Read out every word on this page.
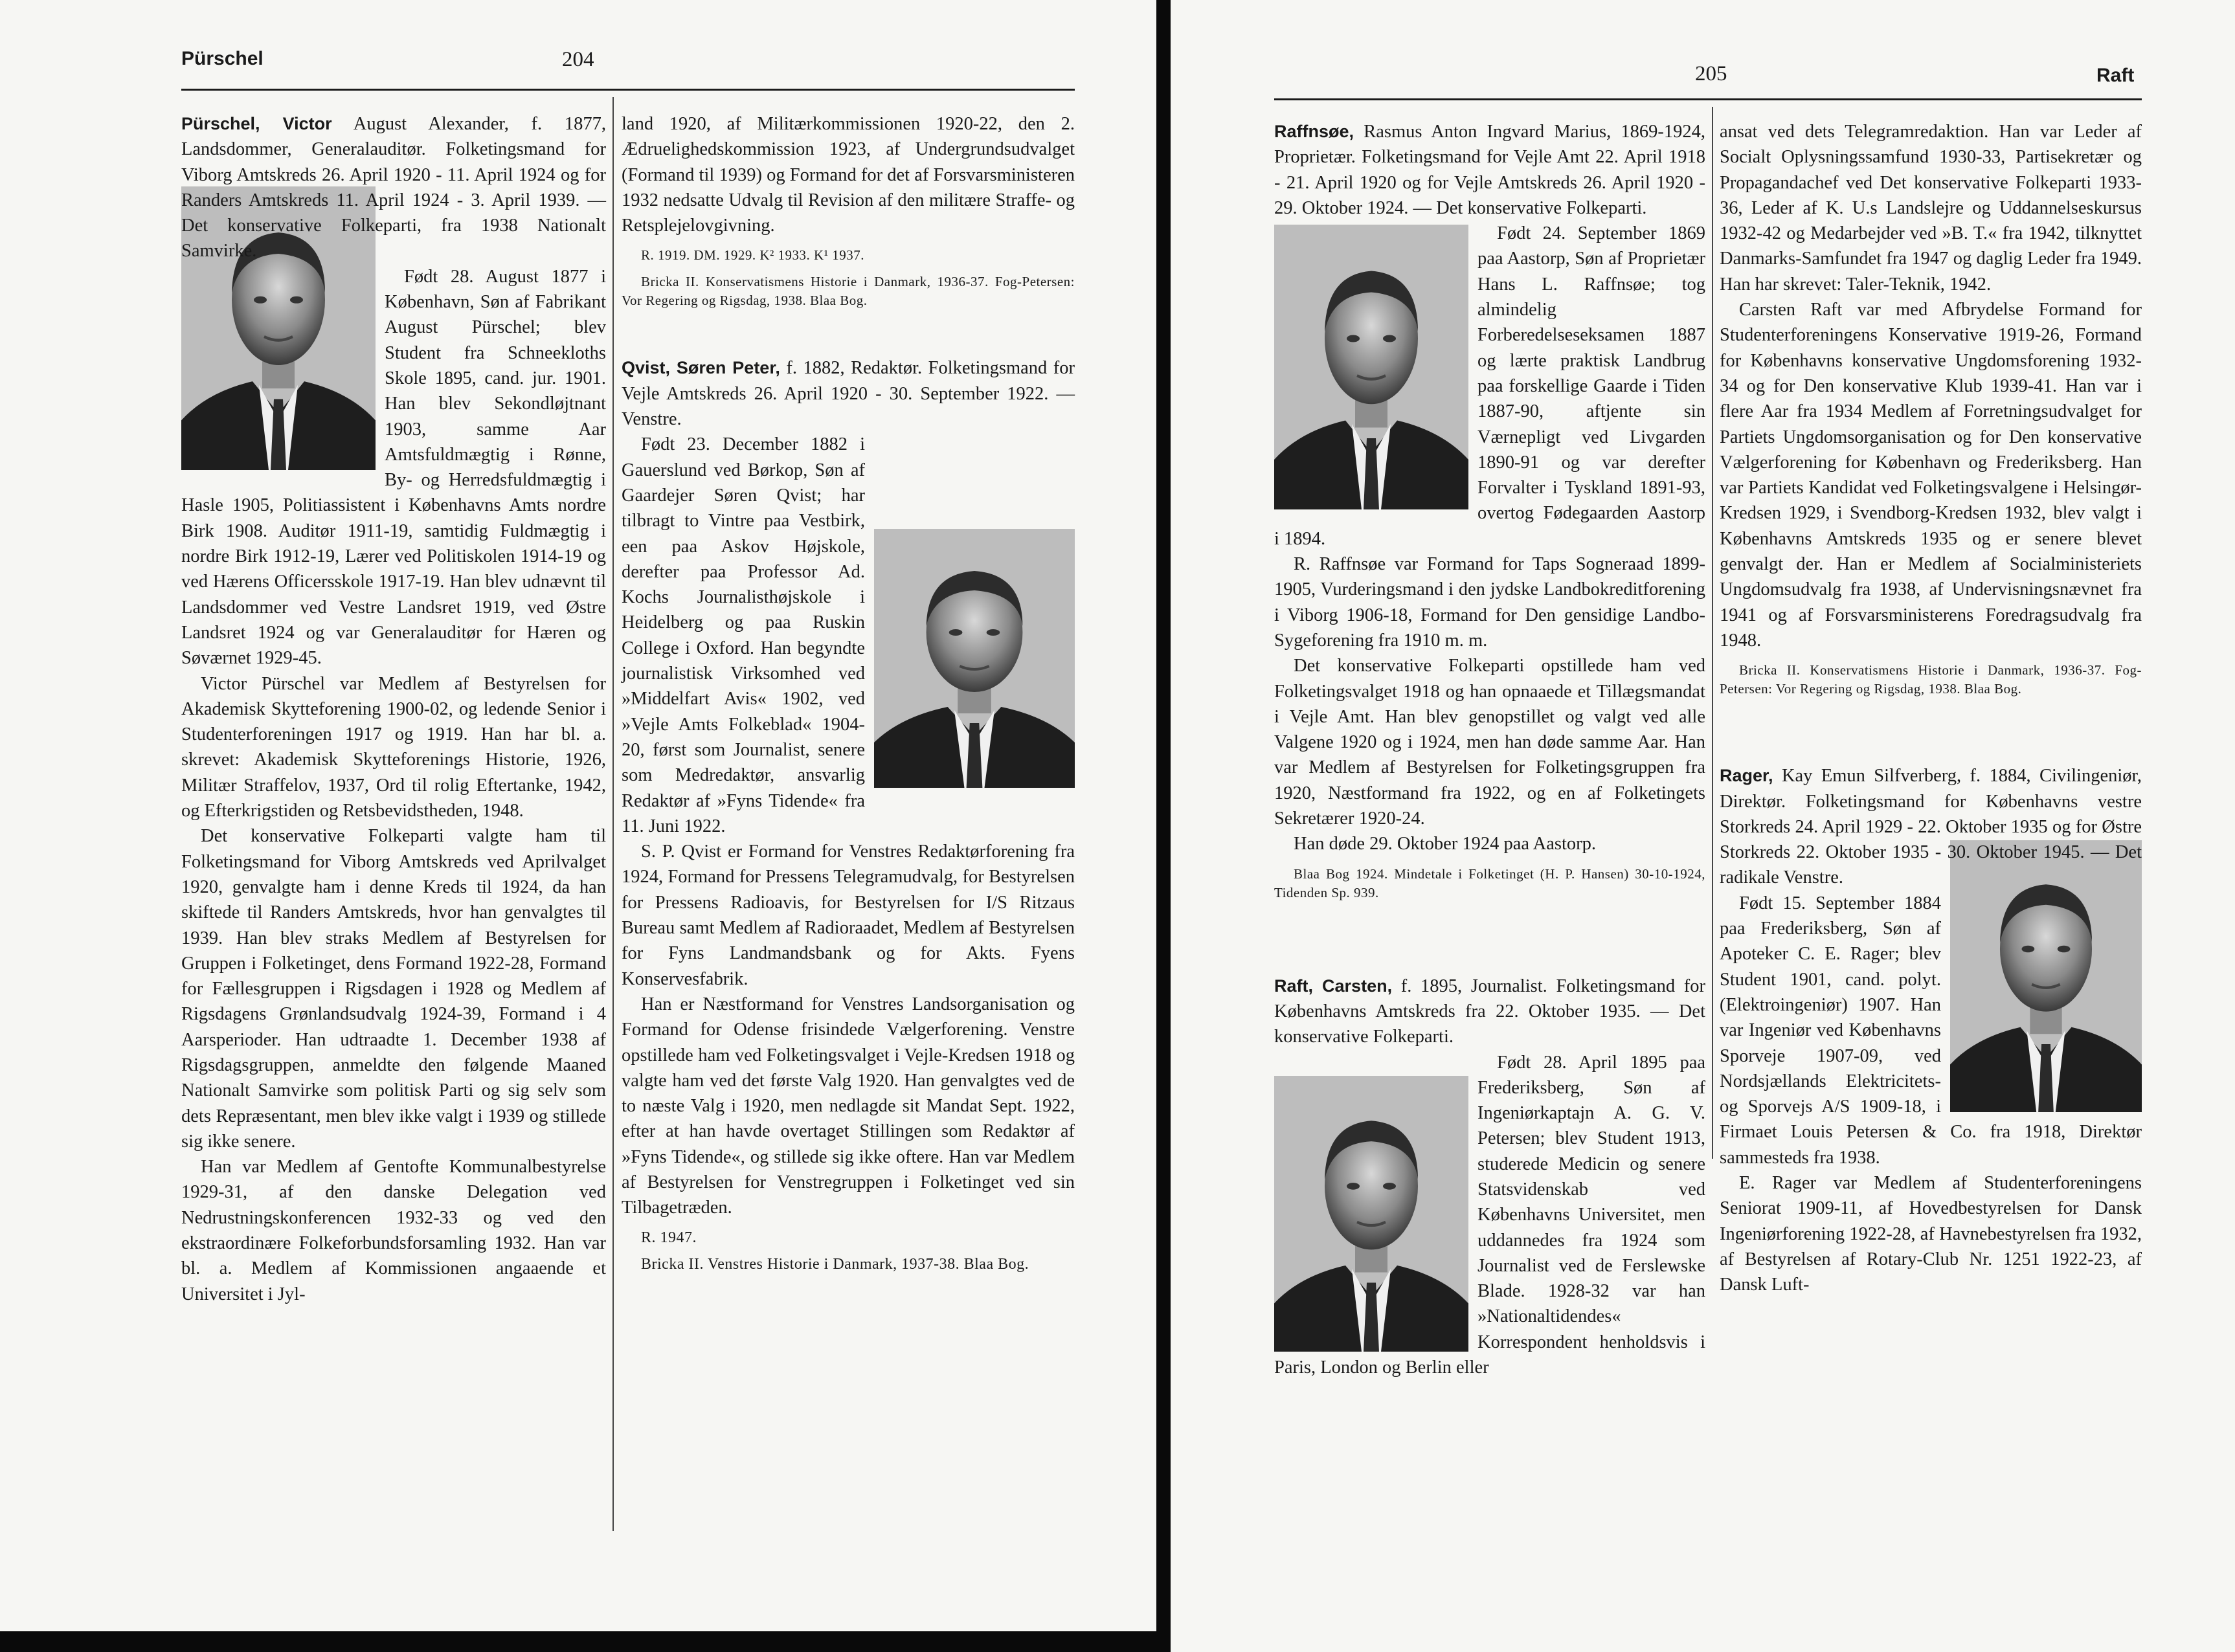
Pürschel	204

Pürschel, Victor August Alexander, f. 1877, Landsdommer, Generalauditør. Folketingsmand for Viborg Amtskreds 26. April 1920 - 11. April 1924 og for Randers Amtskreds 11. April 1924 - 3. April 1939. — Det konservative Folkeparti, fra 1938 Nationalt Samvirke.

Født 28. August 1877 i København, Søn af Fabrikant August Pürschel; blev Student fra Schneekloths Skole 1895, cand. jur. 1901. Han blev Sekondløjtnant 1903, samme Aar Amtsfuldmægtig i Rønne, By- og Herredsfuldmægtig i Hasle 1905, Politiassistent i Københavns Amts nordre Birk 1908. Auditør 1911-19, samtidig Fuldmægtig i nordre Birk 1912-19, Lærer ved Politiskolen 1914-19 og ved Hærens Officersskole 1917-19. Han blev udnævnt til Landsdommer ved Vestre Landsret 1919, ved Østre Landsret 1924 og var Generalauditør for Hæren og Søværnet 1929-45.

Victor Pürschel var Medlem af Bestyrelsen for Akademisk Skytteforening 1900-02, og ledende Senior i Studenterforeningen 1917 og 1919. Han har bl. a. skrevet: Akademisk Skytteforenings Historie, 1926, Militær Straffelov, 1937, Ord til rolig Eftertanke, 1942, og Efterkrigstiden og Retsbevidstheden, 1948.

Det konservative Folkeparti valgte ham til Folketingsmand for Viborg Amtskreds ved Aprilvalget 1920, genvalgte ham i denne Kreds til 1924, da han skiftede til Randers Amtskreds, hvor han genvalgtes til 1939. Han blev straks Medlem af Bestyrelsen for Gruppen i Folketinget, dens Formand 1922-28, Formand for Fællesgruppen i Rigsdagen i 1928 og Medlem af Rigsdagens Grønlandsudvalg 1924-39, Formand i 4 Aarsperioder. Han udtraadte 1. December 1938 af Rigsdagsgruppen, anmeldte den følgende Maaned Nationalt Samvirke som politisk Parti og sig selv som dets Repræsentant, men blev ikke valgt i 1939 og stillede sig ikke senere.

Han var Medlem af Gentofte Kommunalbestyrelse 1929-31, af den danske Delegation ved Nedrustningskonferencen 1932-33 og ved den ekstraordinære Folkeforbundsforsamling 1932. Han var bl. a. Medlem af Kommissionen angaaende et Universitet i Jyl-

land 1920, af Militærkommissionen 1920-22, den 2. Ædruelighedskommission 1923, af Undergrundsudvalget (Formand til 1939) og Formand for det af Forsvarsministeren 1932 nedsatte Udvalg til Revision af den militære Straffe- og Retsplejelovgivning.

R. 1919. DM. 1929. K² 1933. K¹ 1937.

Bricka II. Konservatismens Historie i Danmark, 1936-37. Fog-Petersen: Vor Regering og Rigsdag, 1938. Blaa Bog.

Qvist, Søren Peter, f. 1882, Redaktør. Folketingsmand for Vejle Amtskreds 26. April 1920 - 30. September 1922. — Venstre.

Født 23. December 1882 i Gauerslund ved Børkop, Søn af Gaardejer Søren Qvist; har tilbragt to Vintre paa Vestbirk, een paa Askov Højskole, derefter paa Professor Ad. Kochs Journalisthøjskole i Heidelberg og paa Ruskin College i Oxford. Han begyndte journalistisk Virksomhed ved »Middelfart Avis« 1902, ved »Vejle Amts Folkeblad« 1904-20, først som Journalist, senere som Medredaktør, ansvarlig Redaktør af »Fyns Tidende« fra 11. Juni 1922.

S. P. Qvist er Formand for Venstres Redaktørforening fra 1924, Formand for Pressens Telegramudvalg, for Bestyrelsen for Pressens Radioavis, for Bestyrelsen for I/S Ritzaus Bureau samt Medlem af Radioraadet, Medlem af Bestyrelsen for Fyns Landmandsbank og for Akts. Fyens Konservesfabrik.

Han er Næstformand for Venstres Landsorganisation og Formand for Odense frisindede Vælgerforening. Venstre opstillede ham ved Folketingsvalget i Vejle-Kredsen 1918 og valgte ham ved det første Valg 1920. Han genvalgtes ved de to næste Valg i 1920, men nedlagde sit Mandat Sept. 1922, efter at han havde overtaget Stillingen som Redaktør af »Fyns Tidende«, og stillede sig ikke oftere. Han var Medlem af Bestyrelsen for Venstregruppen i Folketinget ved sin Tilbagetræden.

R. 1947.

Bricka II. Venstres Historie i Danmark, 1937-38. Blaa Bog.

205	Raft

Raffnsøe, Rasmus Anton Ingvard Marius, 1869-1924, Proprietær. Folketingsmand for Vejle Amt 22. April 1918 - 21. April 1920 og for Vejle Amtskreds 26. April 1920 - 29. Oktober 1924. — Det konservative Folkeparti.

Født 24. September 1869 paa Aastorp, Søn af Proprietær Hans L. Raffnsøe; tog almindelig Forberedelseseksamen 1887 og lærte praktisk Landbrug paa forskellige Gaarde i Tiden 1887-90, aftjente sin Værnepligt ved Livgarden 1890-91 og var derefter Forvalter i Tyskland 1891-93, overtog Fødegaarden Aastorp i 1894.

R. Raffnsøe var Formand for Taps Sogneraad 1899-1905, Vurderingsmand i den jydske Landbokreditforening i Viborg 1906-18, Formand for Den gensidige Landbo-Sygeforening fra 1910 m. m.

Det konservative Folkeparti opstillede ham ved Folketingsvalget 1918 og han opnaaede et Tillægsmandat i Vejle Amt. Han blev genopstillet og valgt ved alle Valgene 1920 og i 1924, men han døde samme Aar. Han var Medlem af Bestyrelsen for Folketingsgruppen fra 1920, Næstformand fra 1922, og en af Folketingets Sekretærer 1920-24.

Han døde 29. Oktober 1924 paa Aastorp.

Blaa Bog 1924. Mindetale i Folketinget (H. P. Hansen) 30-10-1924, Tidenden Sp. 939.

Raft, Carsten, f. 1895, Journalist. Folketingsmand for Københavns Amtskreds fra 22. Oktober 1935. — Det konservative Folkeparti.

Født 28. April 1895 paa Frederiksberg, Søn af Ingeniørkaptajn A. G. V. Petersen; blev Student 1913, studerede Medicin og senere Statsvidenskab ved Københavns Universitet, men uddannedes fra 1924 som Journalist ved de Ferslewske Blade. 1928-32 var han »Nationaltidendes« Korrespondent henholdsvis i Paris, London og Berlin eller

ansat ved dets Telegramredaktion. Han var Leder af Socialt Oplysningssamfund 1930-33, Partisekretær og Propagandachef ved Det konservative Folkeparti 1933-36, Leder af K. U.s Landslejre og Uddannelseskursus 1932-42 og Medarbejder ved »B. T.« fra 1942, tilknyttet Danmarks-Samfundet fra 1947 og daglig Leder fra 1949. Han har skrevet: Taler-Teknik, 1942.

Carsten Raft var med Afbrydelse Formand for Studenterforeningens Konservative 1919-26, Formand for Københavns konservative Ungdomsforening 1932-34 og for Den konservative Klub 1939-41. Han var i flere Aar fra 1934 Medlem af Forretningsudvalget for Partiets Ungdomsorganisation og for Den konservative Vælgerforening for København og Frederiksberg. Han var Partiets Kandidat ved Folketingsvalgene i Helsingør-Kredsen 1929, i Svendborg-Kredsen 1932, blev valgt i Københavns Amtskreds 1935 og er senere blevet genvalgt der. Han er Medlem af Socialministeriets Ungdomsudvalg fra 1938, af Undervisningsnævnet fra 1941 og af Forsvarsministerens Foredragsudvalg fra 1948.

Bricka II. Konservatismens Historie i Danmark, 1936-37. Fog-Petersen: Vor Regering og Rigsdag, 1938. Blaa Bog.

Rager, Kay Emun Silfverberg, f. 1884, Civilingeniør, Direktør. Folketingsmand for Københavns vestre Storkreds 24. April 1929 - 22. Oktober 1935 og for Østre Storkreds 22. Oktober 1935 - 30. Oktober 1945. — Det radikale Venstre.

Født 15. September 1884 paa Frederiksberg, Søn af Apoteker C. E. Rager; blev Student 1901, cand. polyt. (Elektroingeniør) 1907. Han var Ingeniør ved Københavns Sporveje 1907-09, ved Nordsjællands Elektricitets- og Sporvejs A/S 1909-18, i Firmaet Louis Petersen & Co. fra 1918, Direktør sammesteds fra 1938.

E. Rager var Medlem af Studenterforeningens Seniorat 1909-11, af Hovedbestyrelsen for Dansk Ingeniørforening 1922-28, af Havnebestyrelsen fra 1932, af Bestyrelsen af Rotary-Club Nr. 1251 1922-23, af Dansk Luft-
